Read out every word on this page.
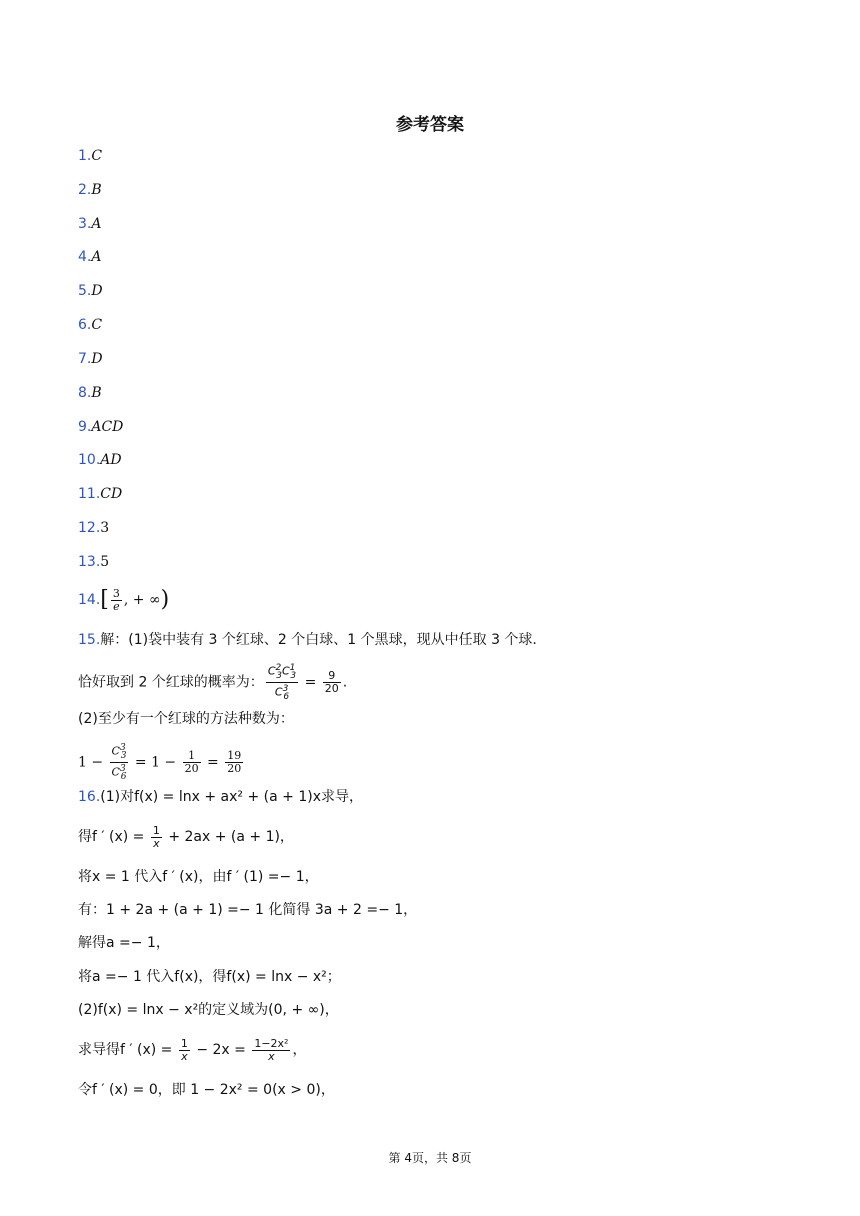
参考答案
1.C
2.B
3.A
4.A
5.D
6.C
7.D
8.B
9.ACD
10.AD
11.CD
12.3
13.5
$14.[ \frac{3}{e}$ , + ∞)
15.解：(1)袋中装有 3 个红球、2 个白球、1 个黑球，现从中任取 3 个球.
恰好取到 2 个红球的概率为： $\frac{C^2_3C^1_3}{C^3_6} = \frac{9}{20}$ .
(2)至少有一个红球的方法种数为：
$1 - \frac{C^3_3}{C^3_6} = 1 - \frac{1}{20} = \frac{19}{20}$
16.(1)对f(x) = lnx + ax² + (a + 1)x求导，
得f ′ $(x) = \frac{1}{x} + 2ax + (a + 1)$，
将x = 1 代入f ′ (x)，由f ′ (1) =− 1，
有：1 + 2a + (a + 1) =− 1 化简得 3a + 2 =− 1，
解得a =− 1，
将a =− 1 代入f(x)，得f(x) = lnx − x²；
(2)f(x) = lnx − x²的定义域为(0, + ∞)，
求导得f ′ $(x) = \frac{1}{x} - 2x = \frac{\text{1−2x²}}{x}$ ，
令f ′ (x) = 0，即 1 − 2x² = 0(x > 0)，
第 4页，共 8页
